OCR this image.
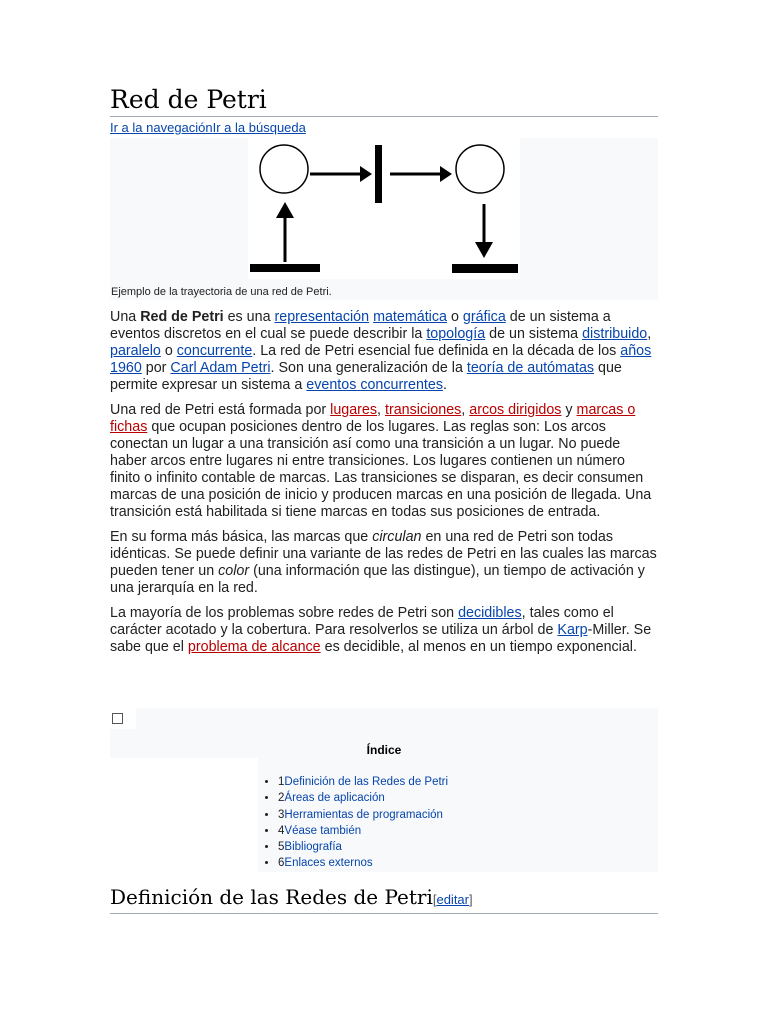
Red de Petri
Ir a la navegaciónIr a la búsqueda
Ejemplo de la trayectoria de una red de Petri.

Una Red de Petri es una representación matemática o gráfica de un sistema a eventos discretos en el cual se puede describir la topología de un sistema distribuido, paralelo o concurrente. La red de Petri esencial fue definida en la década de los años 1960 por Carl Adam Petri. Son una generalización de la teoría de autómatas que permite expresar un sistema a eventos concurrentes.

Una red de Petri está formada por lugares, transiciones, arcos dirigidos y marcas o fichas que ocupan posiciones dentro de los lugares. Las reglas son: Los arcos conectan un lugar a una transición así como una transición a un lugar. No puede haber arcos entre lugares ni entre transiciones. Los lugares contienen un número finito o infinito contable de marcas. Las transiciones se disparan, es decir consumen marcas de una posición de inicio y producen marcas en una posición de llegada. Una transición está habilitada si tiene marcas en todas sus posiciones de entrada.

En su forma más básica, las marcas que circulan en una red de Petri son todas idénticas. Se puede definir una variante de las redes de Petri en las cuales las marcas pueden tener un color (una información que las distingue), un tiempo de activación y una jerarquía en la red.

La mayoría de los problemas sobre redes de Petri son decidibles, tales como el carácter acotado y la cobertura. Para resolverlos se utiliza un árbol de Karp-Miller. Se sabe que el problema de alcance es decidible, al menos en un tiempo exponencial.

Índice
• 1Definición de las Redes de Petri
• 2Áreas de aplicación
• 3Herramientas de programación
• 4Véase también
• 5Bibliografía
• 6Enlaces externos
Definición de las Redes de Petri[editar]
